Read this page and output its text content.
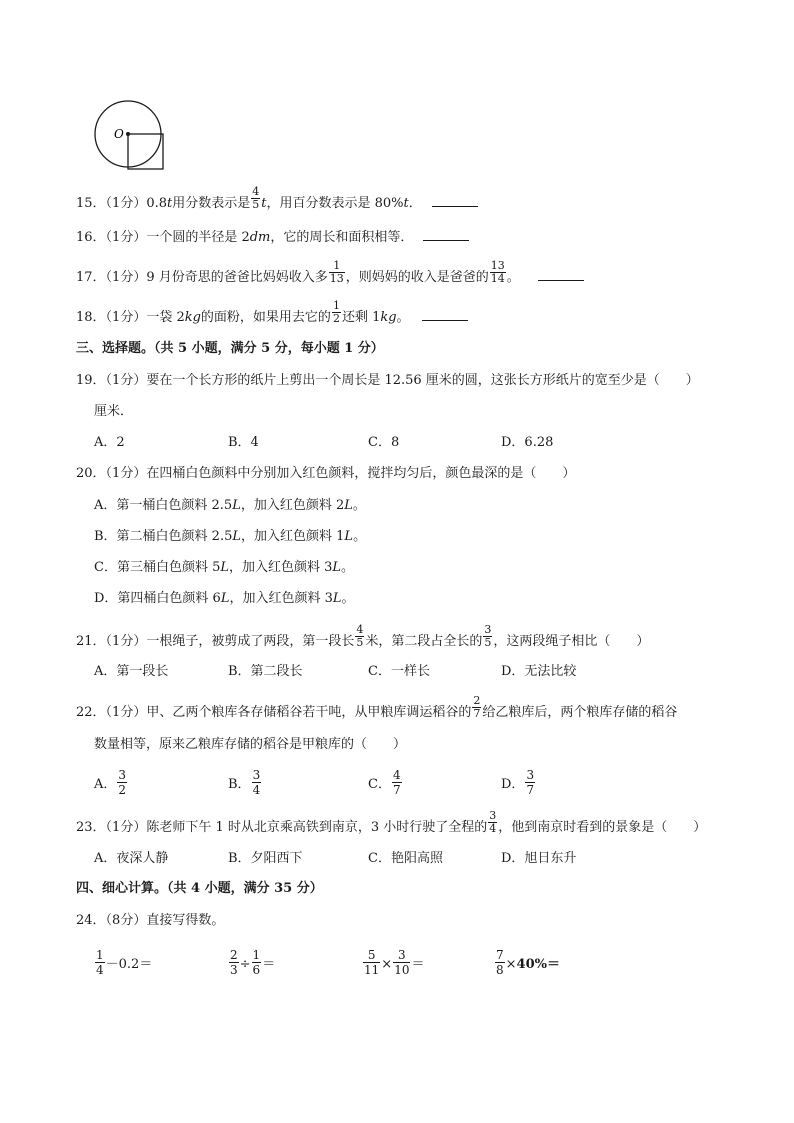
O
15．（1分）0.8t用分数表示是 $\frac{4}{5}$ t，用百分数表示是 80%t．
16．（1分）一个圆的半径是 2dm，它的周长和面积相等．
17．（1分）9 月份奇思的爸爸比妈妈收入多 $\frac{1}{13}$ ，则妈妈的收入是爸爸的 $\frac{13}{14}$ 。
18．（1分）一袋 2kg的面粉，如果用去它的 $\frac{1}{2}$ 还剩 1kg。
三、选择题。（共 5 小题，满分 5 分，每小题 1 分）
19．（1分）要在一个长方形的纸片上剪出一个周长是 12.56 厘米的圆，这张长方形纸片的宽至少是（　　）
厘米．
A．2	B．4	C．8	D．6.28
20．（1分）在四桶白色颜料中分别加入红色颜料，搅拌均匀后，颜色最深的是（　　）
A．第一桶白色颜料 2.5L，加入红色颜料 2L。
B．第二桶白色颜料 2.5L，加入红色颜料 1L。
C．第三桶白色颜料 5L，加入红色颜料 3L。
D．第四桶白色颜料 6L，加入红色颜料 3L。
21．（1分）一根绳子，被剪成了两段，第一段长 $\frac{4}{5}$ 米，第二段占全长的 $\frac{3}{5}$ ，这两段绳子相比（　　）
A．第一段长	B．第二段长	C．一样长	D．无法比较
22．（1分）甲、乙两个粮库各存储稻谷若干吨，从甲粮库调运稻谷的 $\frac{2}{7}$ 给乙粮库后，两个粮库存储的稻谷
数量相等，原来乙粮库存储的稻谷是甲粮库的（　　）
A． $\frac{3}{2}$	B． $\frac{3}{4}$	C． $\frac{4}{7}$	D． $\frac{3}{7}$
23．（1分）陈老师下午 1 时从北京乘高铁到南京，3 小时行驶了全程的 $\frac{3}{4}$ ，他到南京时看到的景象是（　　）
A．夜深人静	B．夕阳西下	C．艳阳高照	D．旭日东升
四、细心计算。（共 4 小题，满分 35 分）
24．（8分）直接写得数。
$\frac{1}{4} -0.2=$	$\frac{2}{3} \div \frac{1}{6}$ ＝	$\frac{5}{11} \times \frac{3}{10}$ ＝	$\frac{7}{8} \times 40\%=$
